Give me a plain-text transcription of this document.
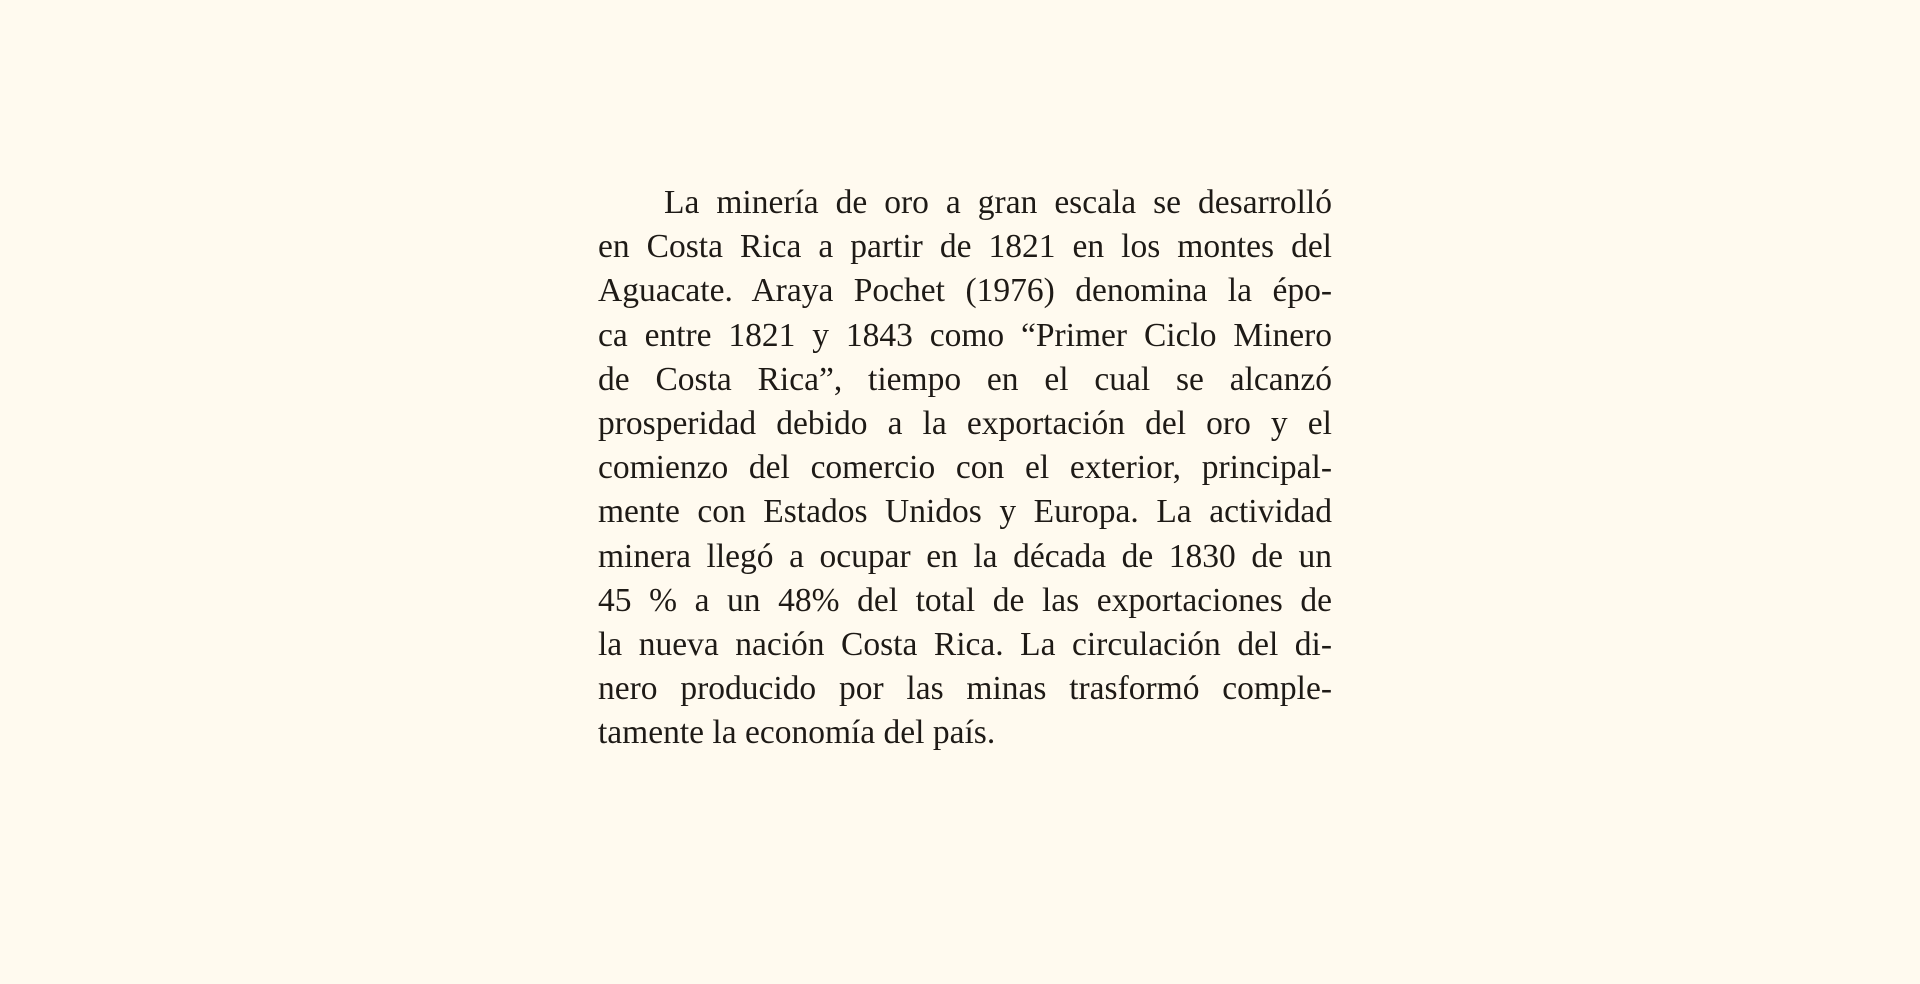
La minería de oro a gran escala se desarrolló
en Costa Rica a partir de 1821 en los montes del
Aguacate. Araya Pochet (1976) denomina la épo-
ca entre 1821 y 1843 como “Primer Ciclo Minero
de Costa Rica”, tiempo en el cual se alcanzó
prosperidad debido a la exportación del oro y el
comienzo del comercio con el exterior, principal-
mente con Estados Unidos y Europa. La actividad
minera llegó a ocupar en la década de 1830 de un
45 % a un 48% del total de las exportaciones de
la nueva nación Costa Rica. La circulación del di-
nero producido por las minas trasformó comple-
tamente la economía del país.
